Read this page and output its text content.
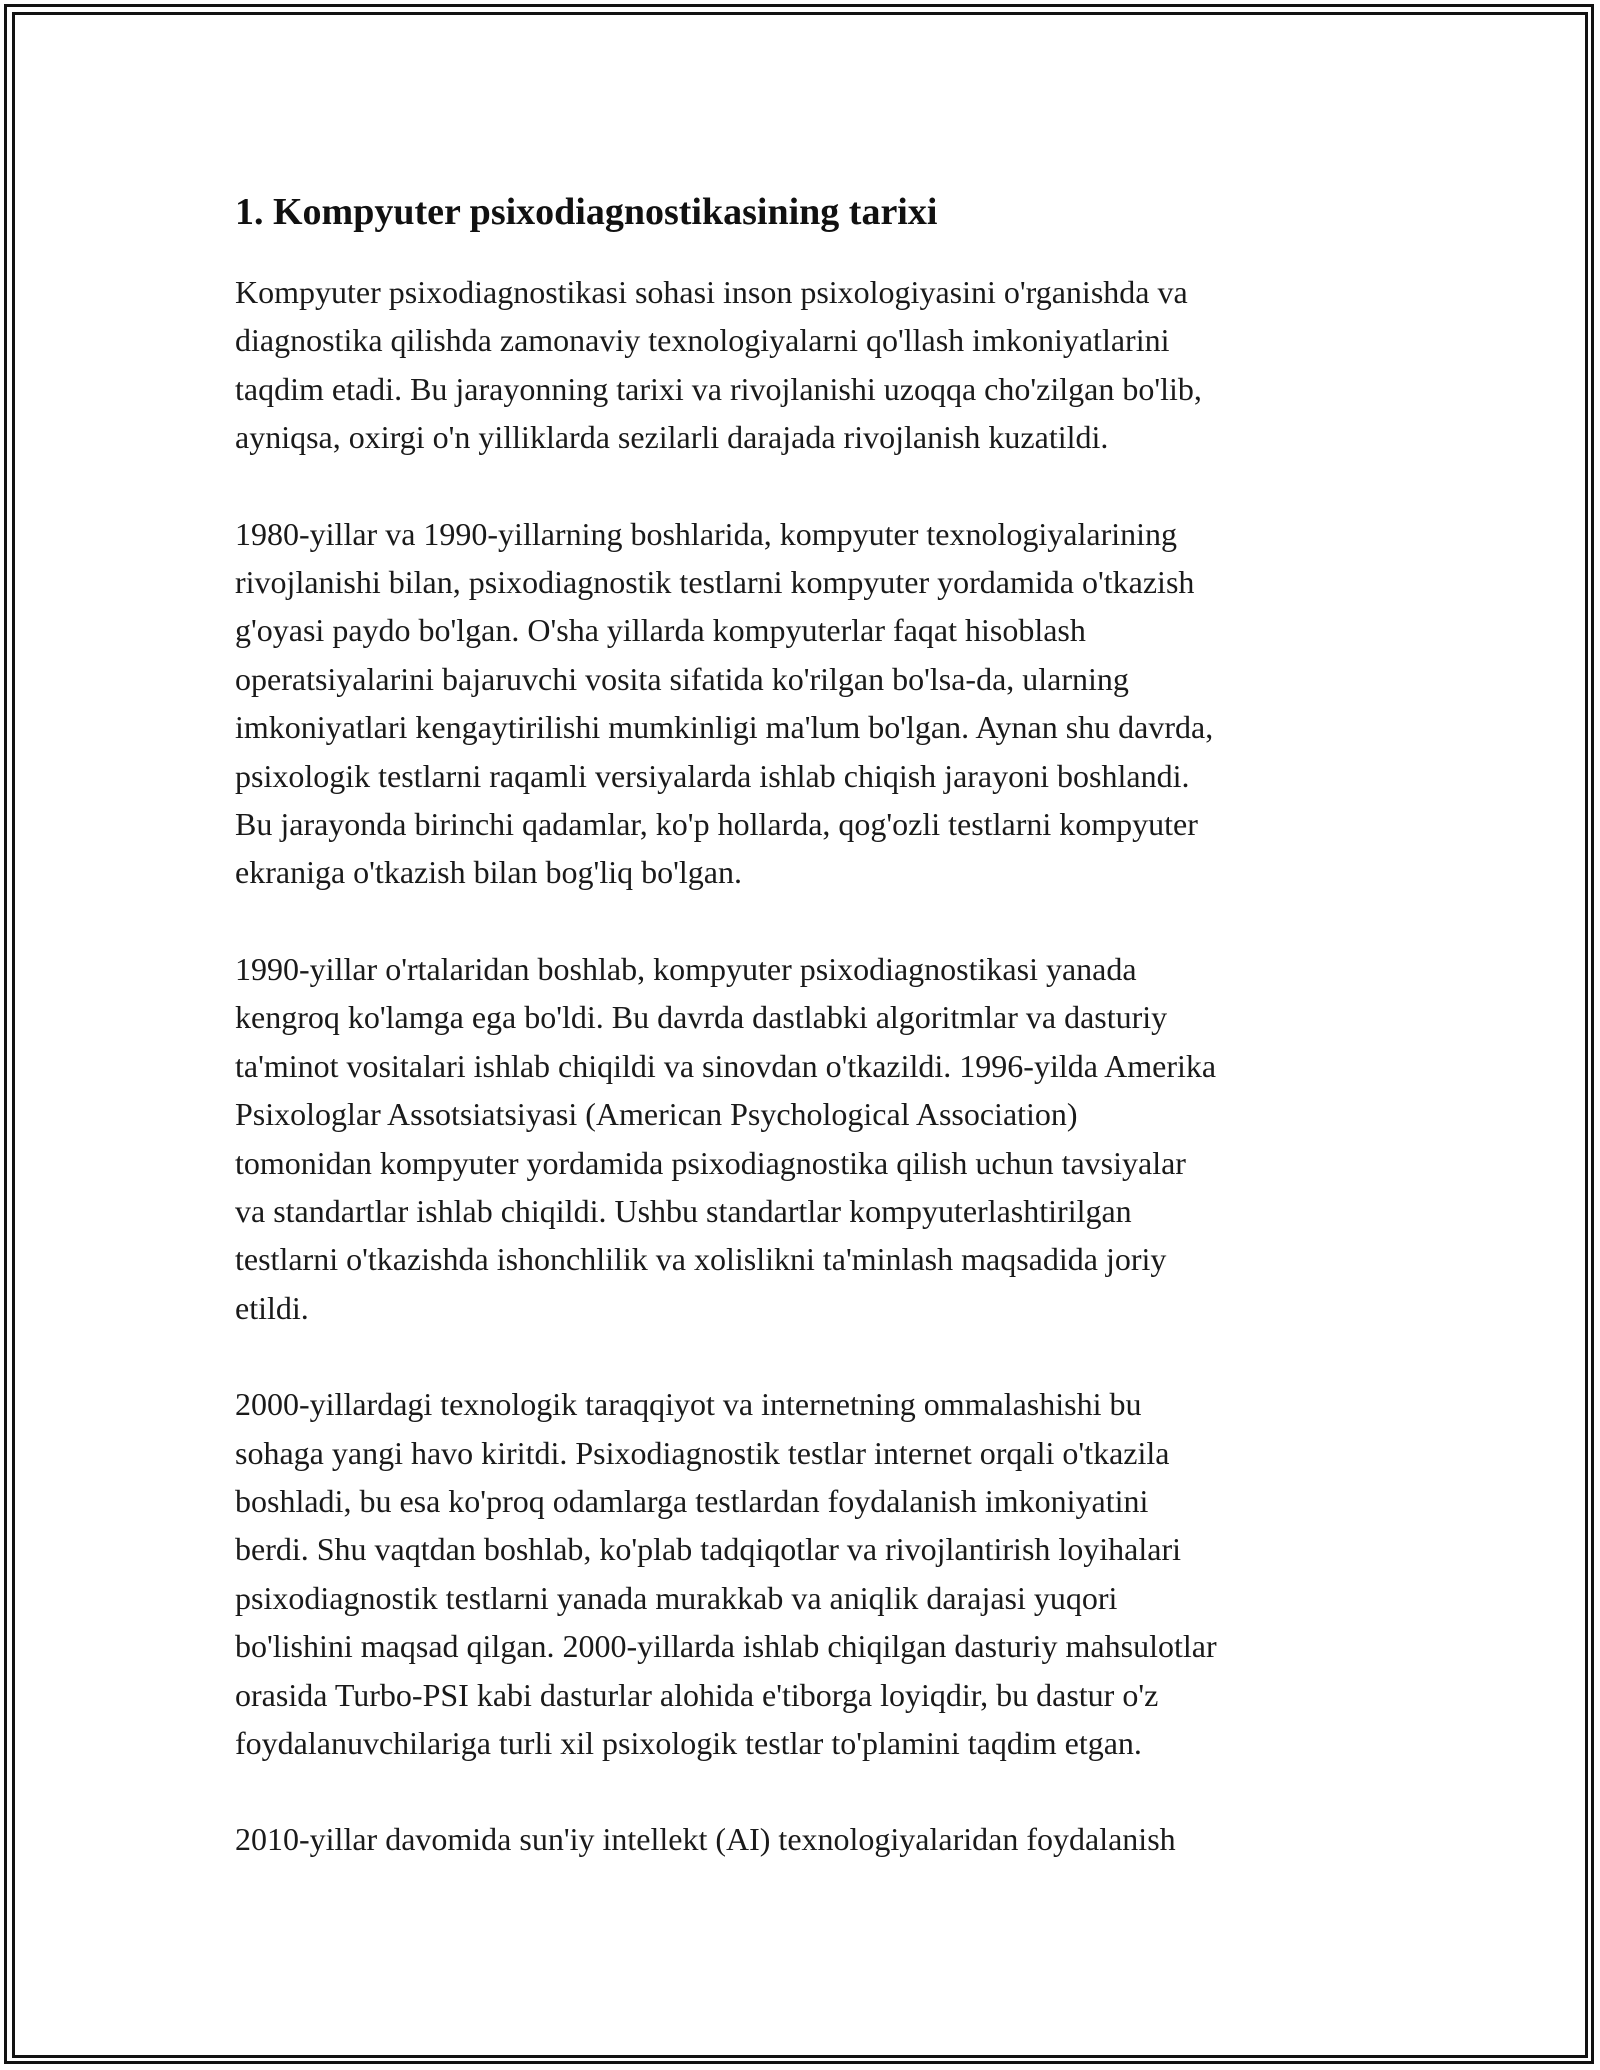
1. Kompyuter psixodiagnostikasining tarixi

Kompyuter psixodiagnostikasi sohasi inson psixologiyasini o'rganishda va
diagnostika qilishda zamonaviy texnologiyalarni qo'llash imkoniyatlarini
taqdim etadi. Bu jarayonning tarixi va rivojlanishi uzoqqa cho'zilgan bo'lib,
ayniqsa, oxirgi o'n yilliklarda sezilarli darajada rivojlanish kuzatildi.

1980-yillar va 1990-yillarning boshlarida, kompyuter texnologiyalarining
rivojlanishi bilan, psixodiagnostik testlarni kompyuter yordamida o'tkazish
g'oyasi paydo bo'lgan. O'sha yillarda kompyuterlar faqat hisoblash
operatsiyalarini bajaruvchi vosita sifatida ko'rilgan bo'lsa-da, ularning
imkoniyatlari kengaytirilishi mumkinligi ma'lum bo'lgan. Aynan shu davrda,
psixologik testlarni raqamli versiyalarda ishlab chiqish jarayoni boshlandi.
Bu jarayonda birinchi qadamlar, ko'p hollarda, qog'ozli testlarni kompyuter
ekraniga o'tkazish bilan bog'liq bo'lgan.

1990-yillar o'rtalaridan boshlab, kompyuter psixodiagnostikasi yanada
kengroq ko'lamga ega bo'ldi. Bu davrda dastlabki algoritmlar va dasturiy
ta'minot vositalari ishlab chiqildi va sinovdan o'tkazildi. 1996-yilda Amerika
Psixologlar Assotsiatsiyasi (American Psychological Association)
tomonidan kompyuter yordamida psixodiagnostika qilish uchun tavsiyalar
va standartlar ishlab chiqildi. Ushbu standartlar kompyuterlashtirilgan
testlarni o'tkazishda ishonchlilik va xolislikni ta'minlash maqsadida joriy
etildi.

2000-yillardagi texnologik taraqqiyot va internetning ommalashishi bu
sohaga yangi havo kiritdi. Psixodiagnostik testlar internet orqali o'tkazila
boshladi, bu esa ko'proq odamlarga testlardan foydalanish imkoniyatini
berdi. Shu vaqtdan boshlab, ko'plab tadqiqotlar va rivojlantirish loyihalari
psixodiagnostik testlarni yanada murakkab va aniqlik darajasi yuqori
bo'lishini maqsad qilgan. 2000-yillarda ishlab chiqilgan dasturiy mahsulotlar
orasida Turbo-PSI kabi dasturlar alohida e'tiborga loyiqdir, bu dastur o'z
foydalanuvchilariga turli xil psixologik testlar to'plamini taqdim etgan.

2010-yillar davomida sun'iy intellekt (AI) texnologiyalaridan foydalanish
